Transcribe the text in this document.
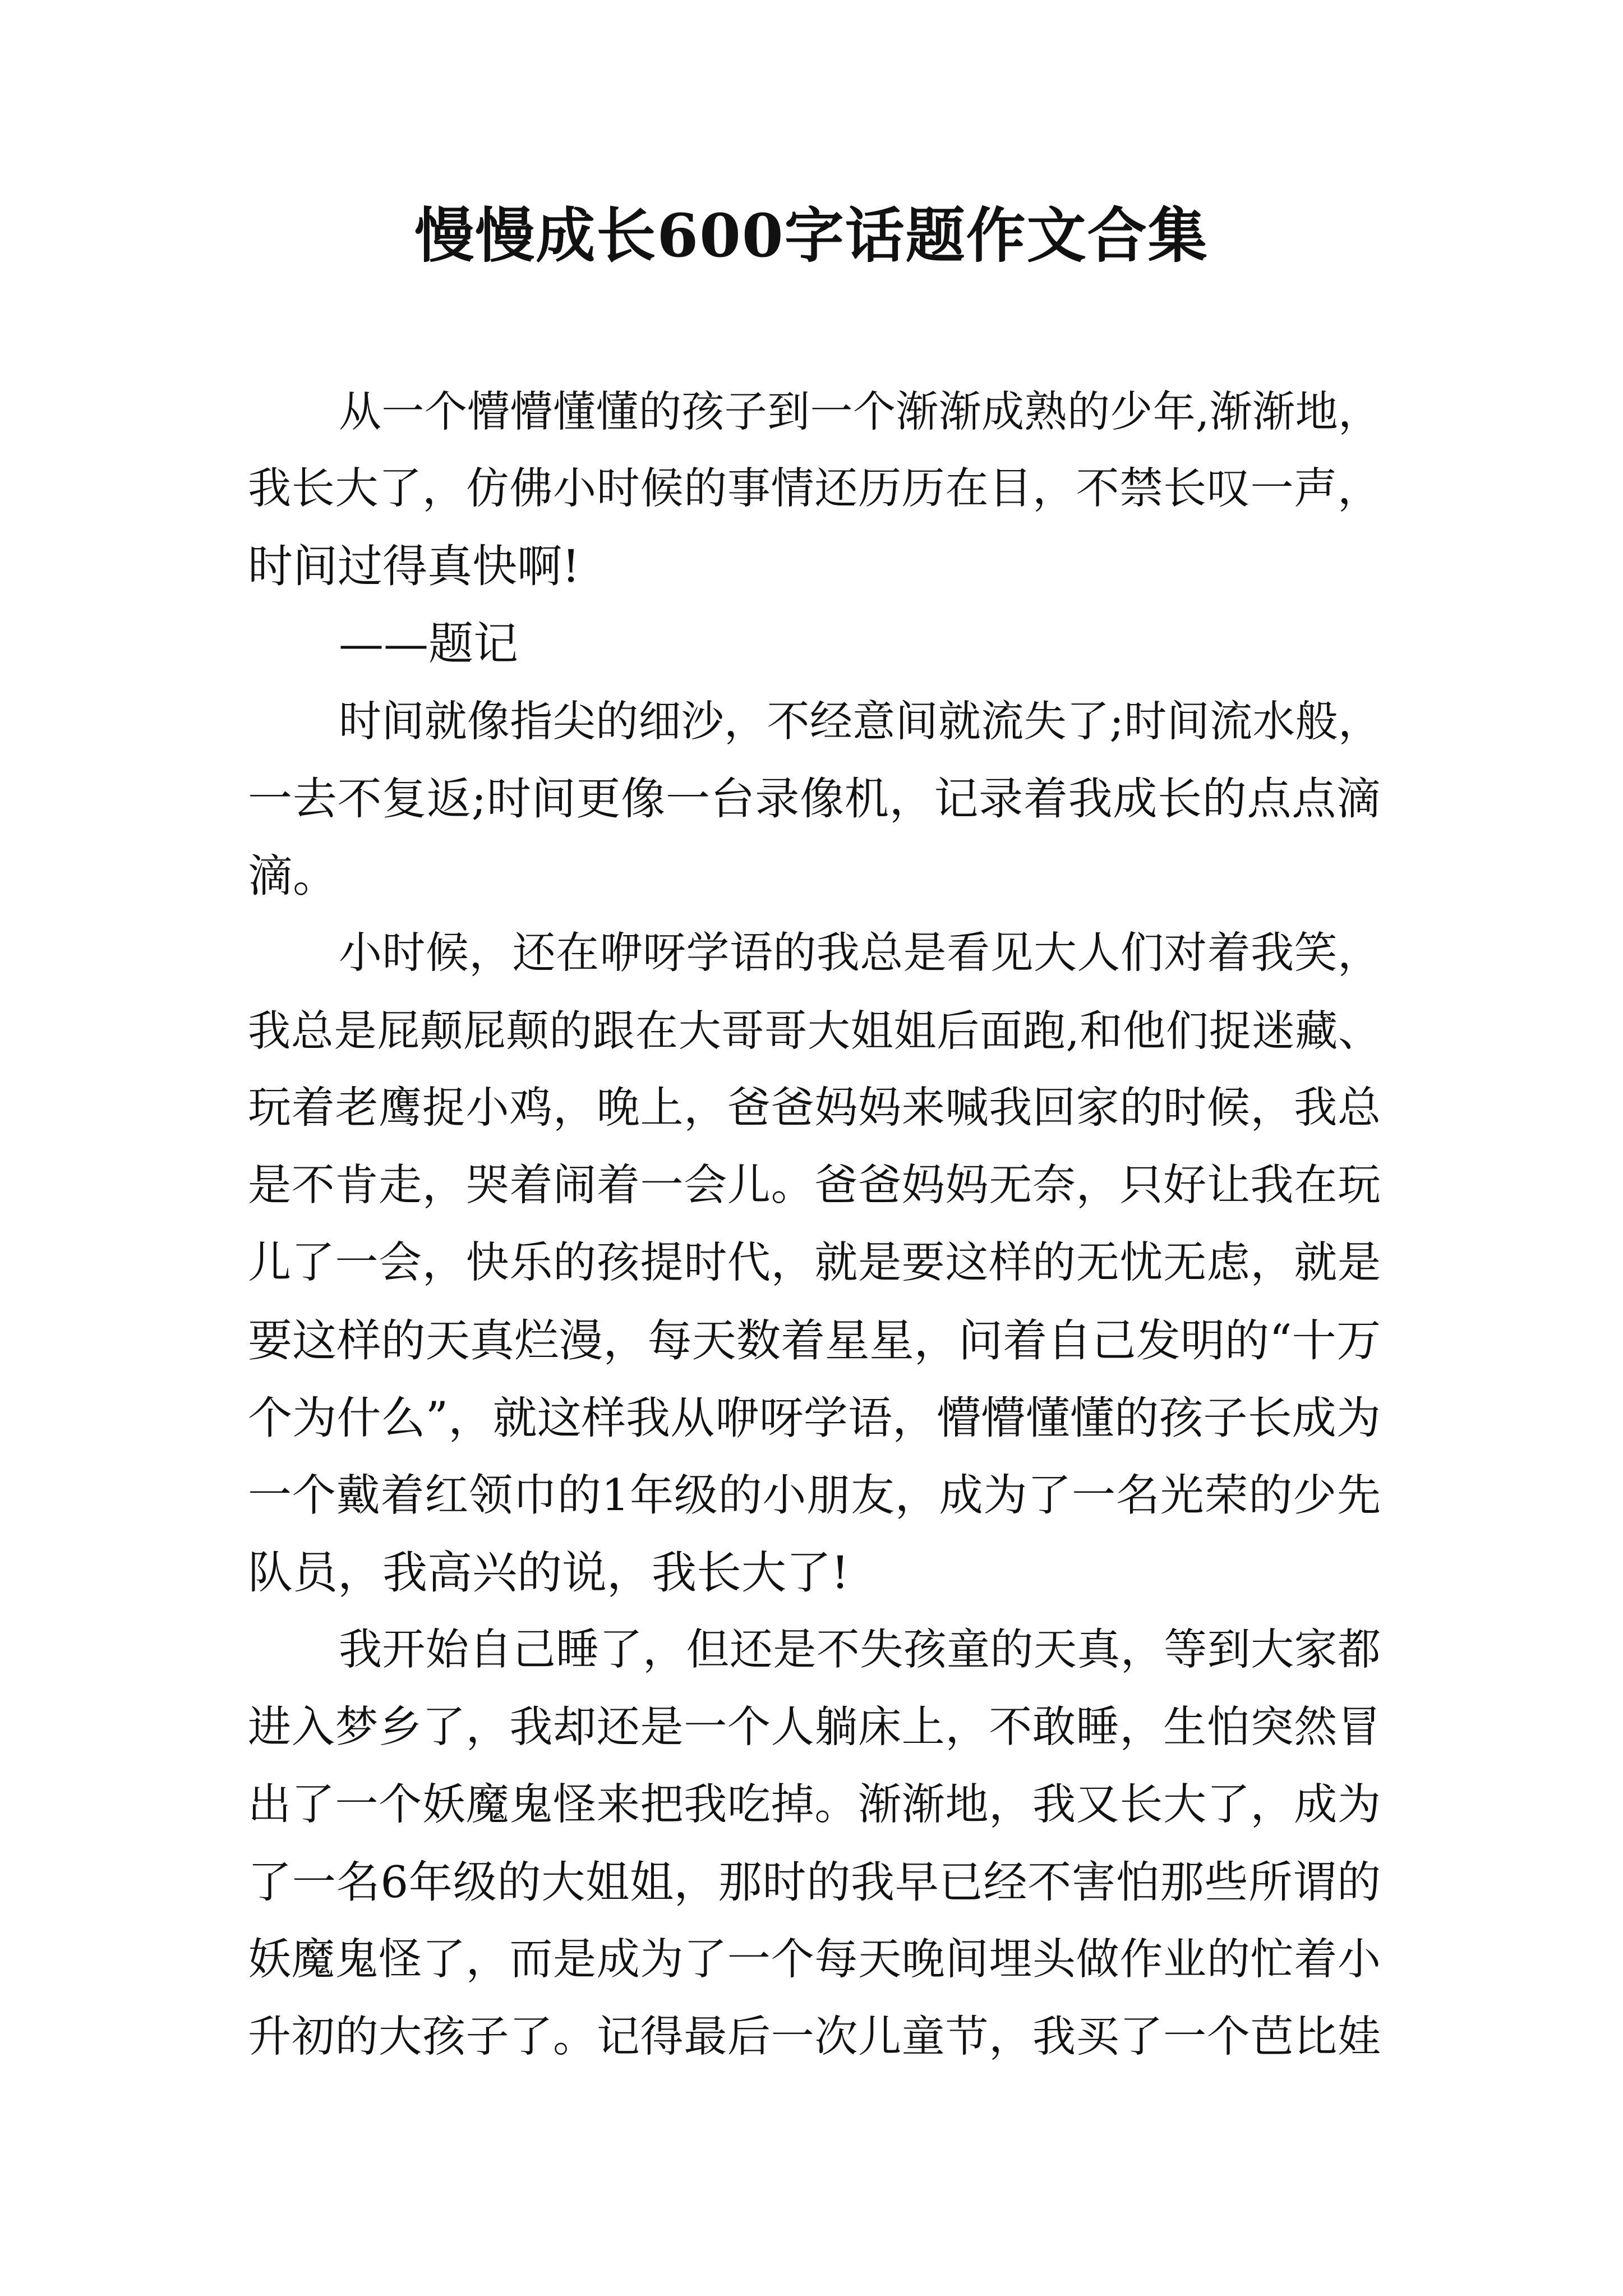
慢慢成长600字话题作文合集
从一个懵懵懂懂的孩子到一个渐渐成熟的少年,渐渐地，
我长大了，仿佛小时候的事情还历历在目，不禁长叹一声，
时间过得真快啊!
——题记
时间就像指尖的细沙，不经意间就流失了;时间流水般，
一去不复返;时间更像一台录像机，记录着我成长的点点滴
滴。
小时候，还在咿呀学语的我总是看见大人们对着我笑，
我总是屁颠屁颠的跟在大哥哥大姐姐后面跑,和他们捉迷藏、
玩着老鹰捉小鸡，晚上，爸爸妈妈来喊我回家的时候，我总
是不肯走，哭着闹着一会儿。爸爸妈妈无奈，只好让我在玩
儿了一会，快乐的孩提时代，就是要这样的无忧无虑，就是
要这样的天真烂漫，每天数着星星，问着自己发明的“十万
个为什么”，就这样我从咿呀学语，懵懵懂懂的孩子长成为
一个戴着红领巾的1年级的小朋友，成为了一名光荣的少先
队员，我高兴的说，我长大了!
我开始自己睡了，但还是不失孩童的天真，等到大家都
进入梦乡了，我却还是一个人躺床上，不敢睡，生怕突然冒
出了一个妖魔鬼怪来把我吃掉。渐渐地，我又长大了，成为
了一名6年级的大姐姐，那时的我早已经不害怕那些所谓的
妖魔鬼怪了，而是成为了一个每天晚间埋头做作业的忙着小
升初的大孩子了。记得最后一次儿童节，我买了一个芭比娃
